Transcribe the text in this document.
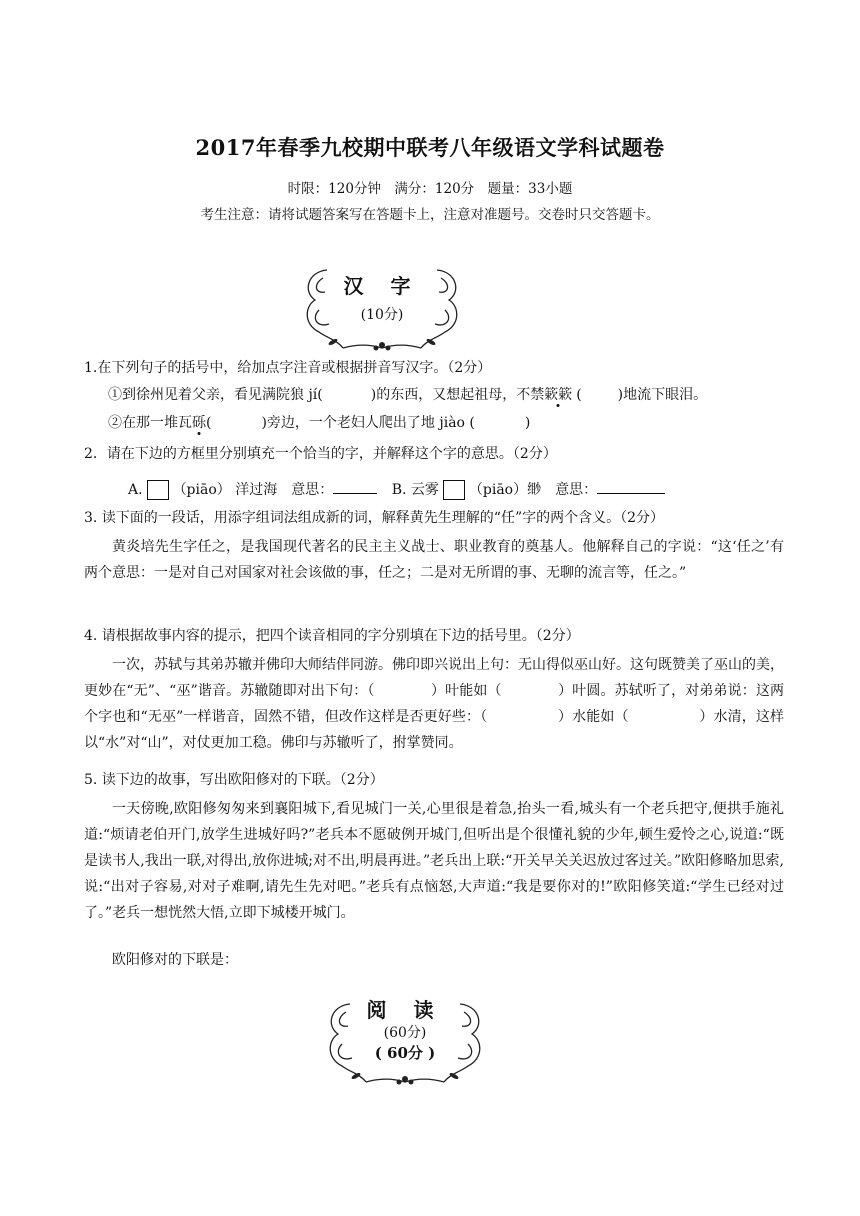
2017年春季九校期中联考八年级语文学科试题卷
时限：120分钟　满分：120分　题量：33小题
考生注意：请将试题答案写在答题卡上，注意对准题号。交卷时只交答题卡。
汉 字
(10分)
1.在下列句子的括号中，给加点字注音或根据拼音写汉字。（2分）
①到徐州见着父亲，看见满院狼 jí(	)的东西，又想起祖母，不禁簌簌 (	)地流下眼泪。
②在那一堆瓦砾(	)旁边，一个老妇人爬出了地 jiào (	)
2．请在下边的方框里分别填充一个恰当的字，并解释这个字的意思。（2分）
A. （piāo） 洋过海　意思：	B. 云雾 （piāo）缈　意思：
3. 读下面的一段话，用添字组词法组成新的词，解释黄先生理解的“任”字的两个含义。（2分）
黄炎培先生字任之，是我国现代著名的民主主义战士、职业教育的奠基人。他解释自己的字说：“这‘任之’有两个意思：一是对自己对国家对社会该做的事，任之；二是对无所谓的事、无聊的流言等，任之。”
4. 请根据故事内容的提示，把四个读音相同的字分别填在下边的括号里。（2分）
一次，苏轼与其弟苏辙并佛印大师结伴同游。佛印即兴说出上句：无山得似巫山好。这句既赞美了巫山的美，更妙在“无”、“巫”谐音。苏辙随即对出下句：（　　　　）叶能如（　　　　）叶圆。苏轼听了，对弟弟说：这两个字也和“无巫”一样谐音，固然不错，但改作这样是否更好些：（　　　　　）水能如（　　　　　）水清，这样以“水”对“山”，对仗更加工稳。佛印与苏辙听了，拊掌赞同。
5. 读下边的故事，写出欧阳修对的下联。（2分）
一天傍晚,欧阳修匆匆来到襄阳城下,看见城门一关,心里很是着急,抬头一看,城头有一个老兵把守,便拱手施礼道:“烦请老伯开门,放学生进城好吗?”老兵本不愿破例开城门,但听出是个很懂礼貌的少年,顿生爱怜之心,说道:“既是读书人,我出一联,对得出,放你进城;对不出,明晨再进。”老兵出上联:“开关早关关迟放过客过关。”欧阳修略加思索,说:“出对子容易,对对子难啊,请先生先对吧。”老兵有点恼怒,大声道:“我是要你对的!”欧阳修笑道:“学生已经对过了。”老兵一想恍然大悟,立即下城楼开城门。
欧阳修对的下联是：
阅 读
(60分)
( 60分 )
